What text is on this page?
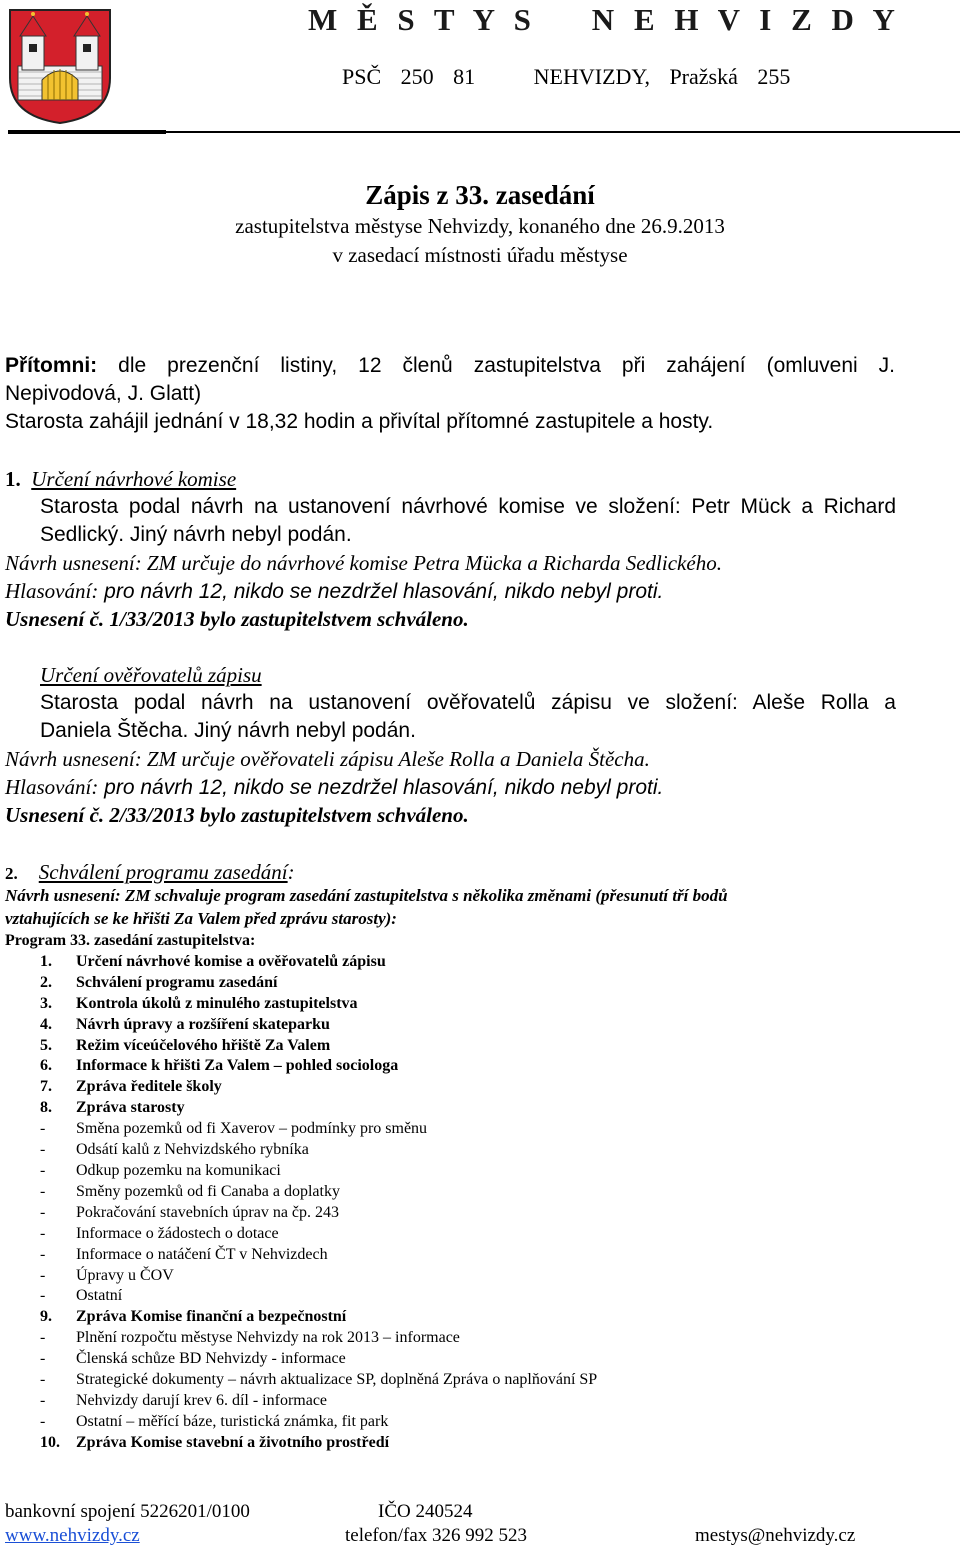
M Ě S T Y S    N E H V I Z D Y
PSČ 250 81   NEHVIZDY, Pražská 255
Zápis z 33. zasedání
zastupitelstva městyse Nehvizdy, konaného dne 26.9.2013
v zasedací místnosti úřadu městyse
Přítomni: dle prezenční listiny, 12 členů zastupitelstva při zahájení (omluveni J.
Nepivodová, J. Glatt)
Starosta zahájil jednání v 18,32 hodin a přivítal přítomné zastupitele a hosty.
1. Určení návrhové komise
Starosta podal návrh na ustanovení návrhové komise ve složení: Petr Mück a Richard
Sedlický. Jiný návrh nebyl podán.
Návrh usnesení: ZM určuje do návrhové komise Petra Mücka a Richarda Sedlického.
Hlasování: pro návrh 12, nikdo se nezdržel hlasování, nikdo nebyl proti.
Usnesení č. 1/33/2013 bylo zastupitelstvem schváleno.
Určení ověřovatelů zápisu
Starosta podal návrh na ustanovení ověřovatelů zápisu ve složení: Aleše Rolla a
Daniela Štěcha. Jiný návrh nebyl podán.
Návrh usnesení: ZM určuje ověřovateli zápisu Aleše Rolla a Daniela Štěcha.
Hlasování: pro návrh 12, nikdo se nezdržel hlasování, nikdo nebyl proti.
Usnesení č. 2/33/2013 bylo zastupitelstvem schváleno.
2. Schválení programu zasedání:
Návrh usnesení: ZM schvaluje program zasedání zastupitelstva s několika změnami (přesunutí tří bodů
vztahujících se ke hřišti Za Valem před zprávu starosty):
Program 33. zasedání zastupitelstva:
1.	Určení návrhové komise a ověřovatelů zápisu
2.	Schválení programu zasedání
3.	Kontrola úkolů z minulého zastupitelstva
4.	Návrh úpravy a rozšíření skateparku
5.	Režim víceúčelového hřiště Za Valem
6.	Informace k hřišti Za Valem – pohled sociologa
7.	Zpráva ředitele školy
8.	Zpráva starosty
-	Směna pozemků od fi Xaverov – podmínky pro směnu
-	Odsátí kalů z Nehvizdského rybníka
-	Odkup pozemku na komunikaci
-	Směny pozemků od fi Canaba a doplatky
-	Pokračování stavebních úprav na čp. 243
-	Informace o žádostech o dotace
-	Informace o natáčení ČT v Nehvizdech
-	Úpravy u ČOV
-	Ostatní
9.	Zpráva Komise finanční a bezpečnostní
-	Plnění rozpočtu městyse Nehvizdy na rok 2013 – informace
-	Členská schůze BD Nehvizdy - informace
-	Strategické dokumenty – návrh aktualizace SP, doplněná Zpráva o naplňování SP
-	Nehvizdy darují krev 6. díl - informace
-	Ostatní – měřící báze, turistická známka, fit park
10.	Zpráva Komise stavební a životního prostředí
bankovní spojení 5226201/0100	IČO 240524
www.nehvizdy.cz	telefon/fax 326 992 523	mestys@nehvizdy.cz
